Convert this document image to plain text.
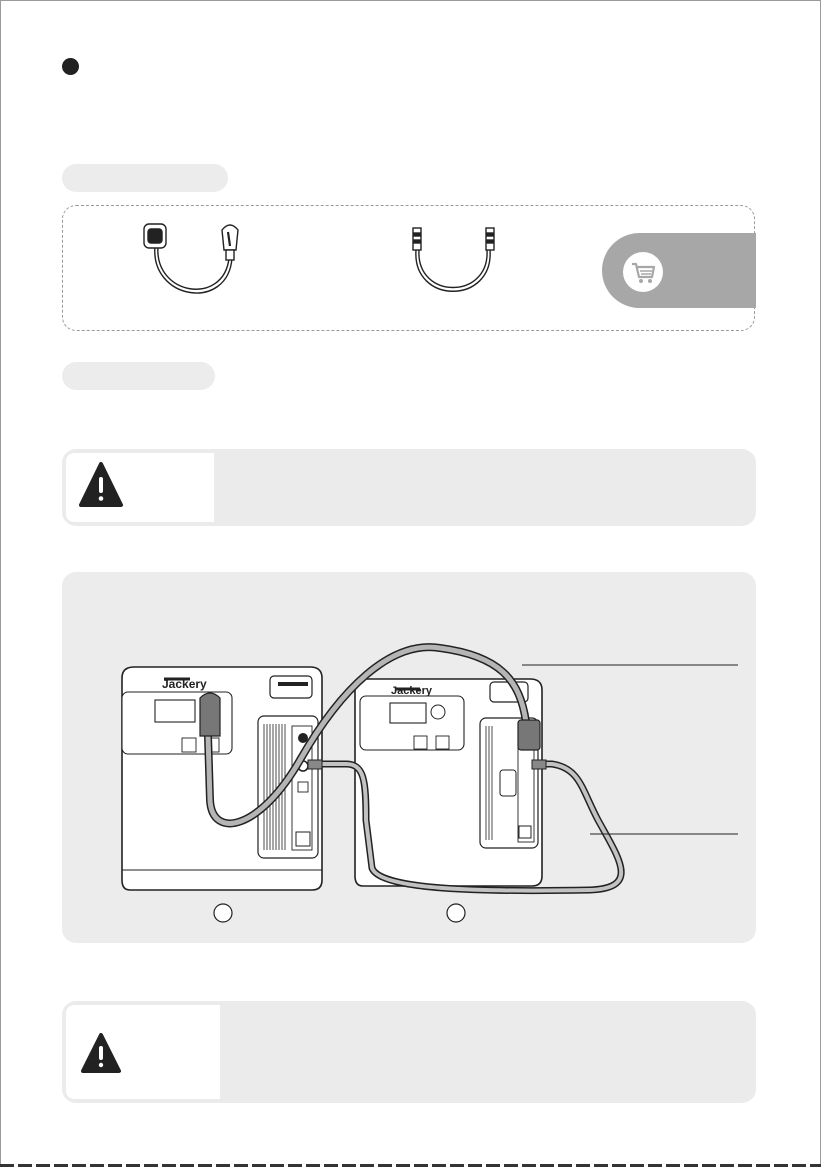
Jackery	Jackery
